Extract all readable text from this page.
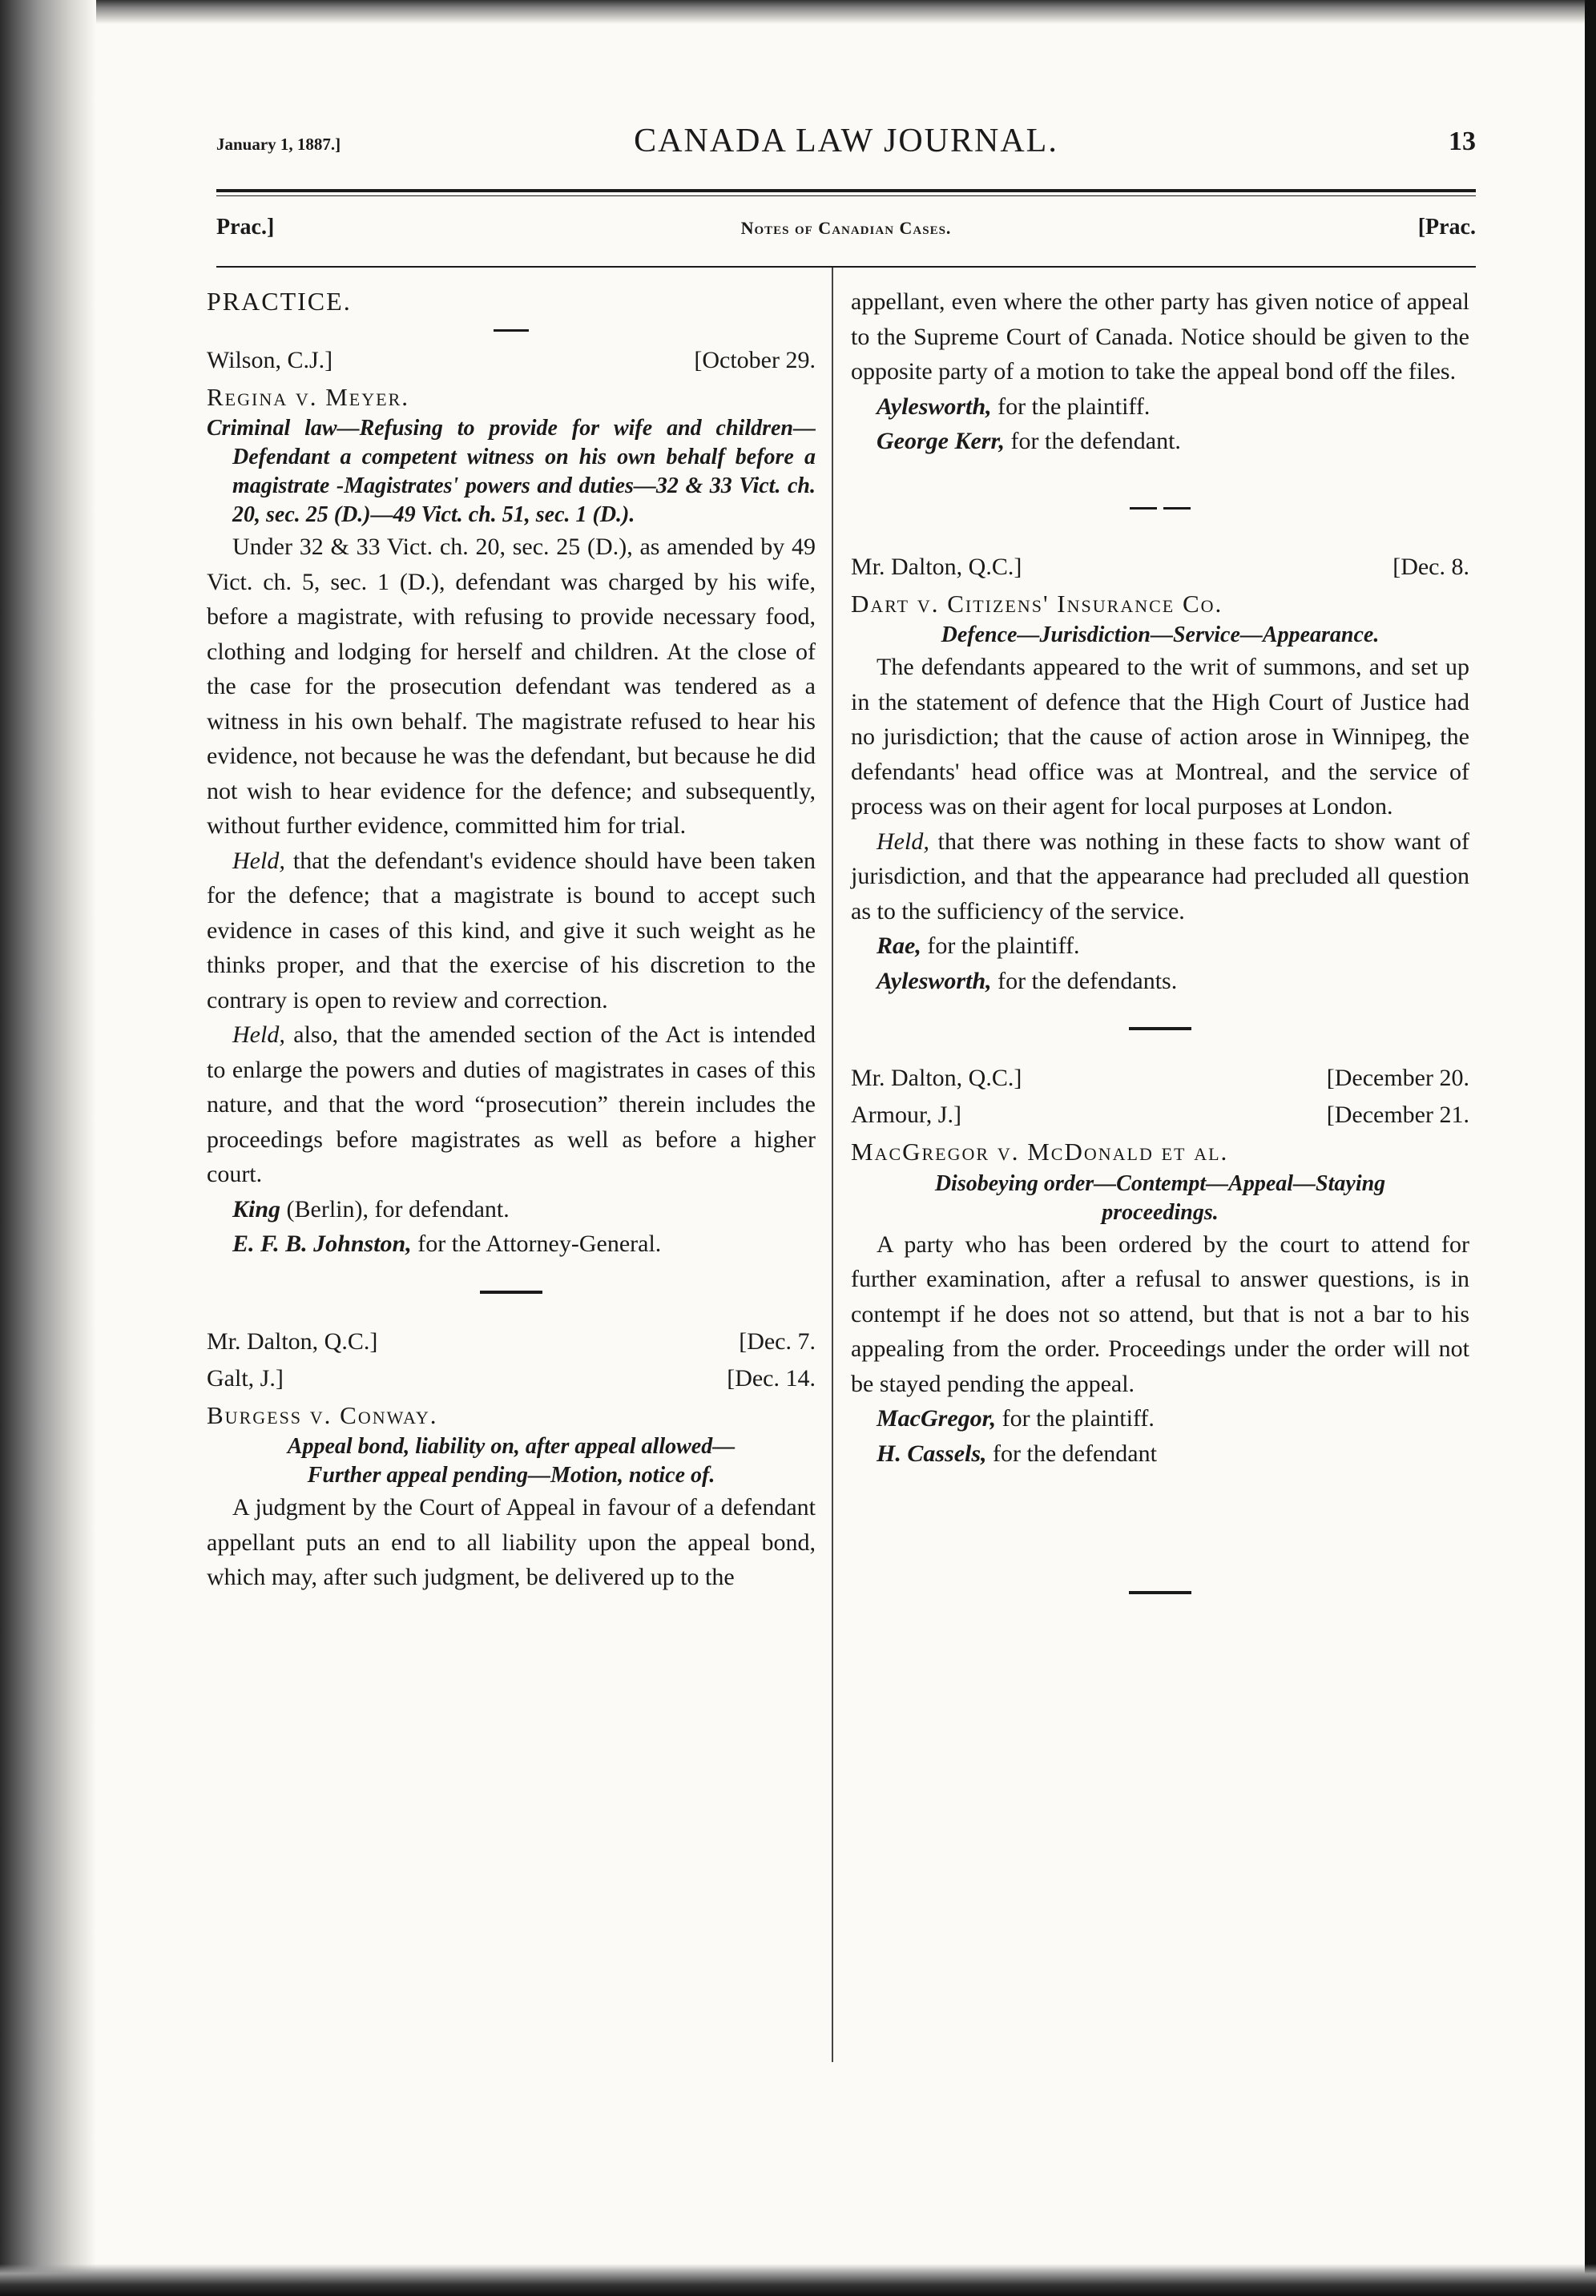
January 1, 1887.]	CANADA LAW JOURNAL.	13
Prac.]	Notes of Canadian Cases.	[Prac.

PRACTICE.

Wilson, C.J.]	[October 29.

Regina v. Meyer.

Criminal law—Refusing to provide for wife and children—Defendant a competent witness on his own behalf before a magistrate -Magistrates' powers and duties—32 & 33 Vict. ch. 20, sec. 25 (D.)—49 Vict. ch. 51, sec. 1 (D.).

Under 32 & 33 Vict. ch. 20, sec. 25 (D.), as amended by 49 Vict. ch. 5, sec. 1 (D.), defendant was charged by his wife, before a magistrate, with refusing to provide necessary food, clothing and lodging for herself and children. At the close of the case for the prosecution defendant was tendered as a witness in his own behalf. The magistrate refused to hear his evidence, not because he was the defendant, but because he did not wish to hear evidence for the defence; and subsequently, without further evidence, committed him for trial.

Held, that the defendant's evidence should have been taken for the defence; that a magistrate is bound to accept such evidence in cases of this kind, and give it such weight as he thinks proper, and that the exercise of his discretion to the contrary is open to review and correction.

Held, also, that the amended section of the Act is intended to enlarge the powers and duties of magistrates in cases of this nature, and that the word “prosecution” therein includes the proceedings before magistrates as well as before a higher court.

King (Berlin), for defendant.

E. F. B. Johnston, for the Attorney-General.

Mr. Dalton, Q.C.]	[Dec. 7.
Galt, J.]	[Dec. 14.

Burgess v. Conway.

Appeal bond, liability on, after appeal allowed—
Further appeal pending—Motion, notice of.

A judgment by the Court of Appeal in favour of a defendant appellant puts an end to all liability upon the appeal bond, which may, after such judgment, be delivered up to the

appellant, even where the other party has given notice of appeal to the Supreme Court of Canada. Notice should be given to the opposite party of a motion to take the appeal bond off the files.

Aylesworth, for the plaintiff.

George Kerr, for the defendant.

Mr. Dalton, Q.C.]	[Dec. 8.

Dart v. Citizens' Insurance Co.

Defence—Jurisdiction—Service—Appearance.

The defendants appeared to the writ of summons, and set up in the statement of defence that the High Court of Justice had no jurisdiction; that the cause of action arose in Winnipeg, the defendants' head office was at Montreal, and the service of process was on their agent for local purposes at London.

Held, that there was nothing in these facts to show want of jurisdiction, and that the appearance had precluded all question as to the sufficiency of the service.

Rae, for the plaintiff.

Aylesworth, for the defendants.

Mr. Dalton, Q.C.]	[December 20.
Armour, J.]	[December 21.

MacGregor v. McDonald et al.

Disobeying order—Contempt—Appeal—Staying
proceedings.

A party who has been ordered by the court to attend for further examination, after a refusal to answer questions, is in contempt if he does not so attend, but that is not a bar to his appealing from the order. Proceedings under the order will not be stayed pending the appeal.

MacGregor, for the plaintiff.

H. Cassels, for the defendant
